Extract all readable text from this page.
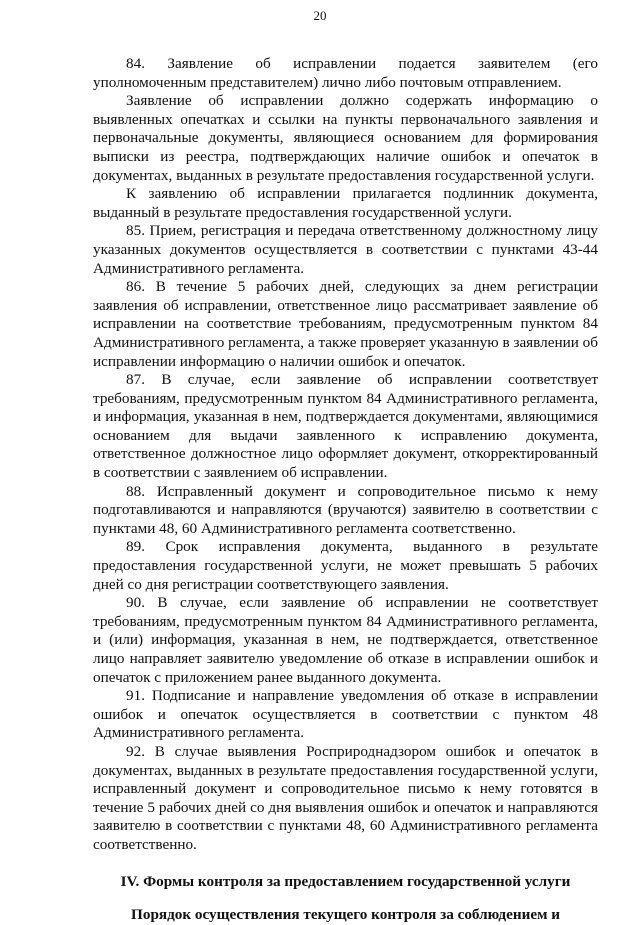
20

84. Заявление об исправлении подается заявителем (его уполномоченным представителем) лично либо почтовым отправлением.

Заявление об исправлении должно содержать информацию о выявленных опечатках и ссылки на пункты первоначального заявления и первоначальные документы, являющиеся основанием для формирования выписки из реестра, подтверждающих наличие ошибок и опечаток в документах, выданных в результате предоставления государственной услуги.

К заявлению об исправлении прилагается подлинник документа, выданный в результате предоставления государственной услуги.

85. Прием, регистрация и передача ответственному должностному лицу указанных документов осуществляется в соответствии с пунктами 43-44 Административного регламента.

86. В течение 5 рабочих дней, следующих за днем регистрации заявления об исправлении, ответственное лицо рассматривает заявление об исправлении на соответствие требованиям, предусмотренным пунктом 84 Административного регламента, а также проверяет указанную в заявлении об исправлении информацию о наличии ошибок и опечаток.

87. В случае, если заявление об исправлении соответствует требованиям, предусмотренным пунктом 84 Административного регламента, и информация, указанная в нем, подтверждается документами, являющимися основанием для выдачи заявленного к исправлению документа, ответственное должностное лицо оформляет документ, откорректированный в соответствии с заявлением об исправлении.

88. Исправленный документ и сопроводительное письмо к нему подготавливаются и направляются (вручаются) заявителю в соответствии с пунктами 48, 60 Административного регламента соответственно.

89. Срок исправления документа, выданного в результате предоставления государственной услуги, не может превышать 5 рабочих дней со дня регистрации соответствующего заявления.

90. В случае, если заявление об исправлении не соответствует требованиям, предусмотренным пунктом 84 Административного регламента, и (или) информация, указанная в нем, не подтверждается, ответственное лицо направляет заявителю уведомление об отказе в исправлении ошибок и опечаток с приложением ранее выданного документа.

91. Подписание и направление уведомления об отказе в исправлении ошибок и опечаток осуществляется в соответствии с пунктом 48 Административного регламента.

92. В случае выявления Росприроднадзором ошибок и опечаток в документах, выданных в результате предоставления государственной услуги, исправленный документ и сопроводительное письмо к нему готовятся в течение 5 рабочих дней со дня выявления ошибок и опечаток и направляются заявителю в соответствии с пунктами 48, 60 Административного регламента соответственно.

IV. Формы контроля за предоставлением государственной услуги
Порядок осуществления текущего контроля за соблюдением и
